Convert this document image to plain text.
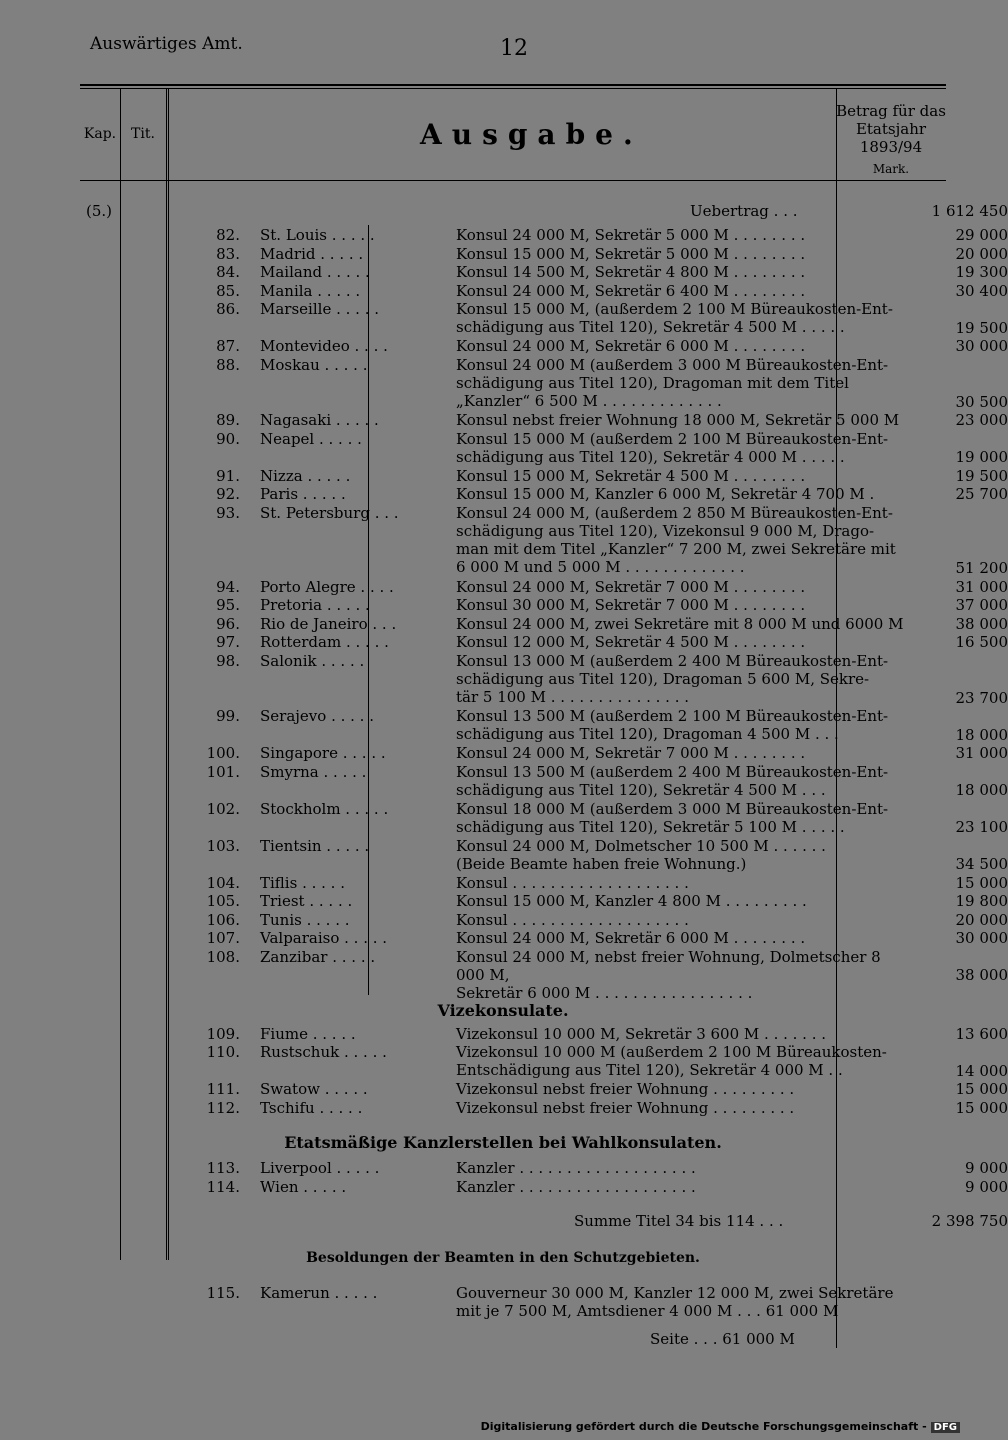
Auswärtiges Amt.	12
Kap.	Tit.	Ausgabe.
Betrag für das Etatsjahr 1893/94
Mark.
(5.)	Uebertrag . . .	1 612 450
82. St. Louis . . . . .	Konsul 24 000 M, Sekretär 5 000 M . . . . . . . .	29 000
83. Madrid . . . . .	Konsul 15 000 M, Sekretär 5 000 M . . . . . . . .	20 000
84. Mailand . . . . .	Konsul 14 500 M, Sekretär 4 800 M . . . . . . . .	19 300
85. Manila . . . . .	Konsul 24 000 M, Sekretär 6 400 M . . . . . . . .	30 400
86. Marseille . . . . .	Konsul 15 000 M, (außerdem 2 100 M Büreaukosten-Ent-
schädigung aus Titel 120), Sekretär 4 500 M . . . . .	19 500
87. Montevideo . . . .	Konsul 24 000 M, Sekretär 6 000 M . . . . . . . .	30 000
88. Moskau . . . . .	Konsul 24 000 M (außerdem 3 000 M Büreaukosten-Ent-
schädigung aus Titel 120), Dragoman mit dem Titel
„Kanzler“ 6 500 M . . . . . . . . . . . . .	30 500
89. Nagasaki . . . . .	Konsul nebst freier Wohnung 18 000 M, Sekretär 5 000 M	23 000
90. Neapel . . . . .	Konsul 15 000 M (außerdem 2 100 M Büreaukosten-Ent-
schädigung aus Titel 120), Sekretär 4 000 M . . . . .	19 000
91. Nizza . . . . .	Konsul 15 000 M, Sekretär 4 500 M . . . . . . . .	19 500
92. Paris . . . . .	Konsul 15 000 M, Kanzler 6 000 M, Sekretär 4 700 M .	25 700
93. St. Petersburg . . .	Konsul 24 000 M, (außerdem 2 850 M Büreaukosten-Ent-
schädigung aus Titel 120), Vizekonsul 9 000 M, Drago-
man mit dem Titel „Kanzler“ 7 200 M, zwei Sekretäre mit
6 000 M und 5 000 M . . . . . . . . . . . . .	51 200
94. Porto Alegre . . . .	Konsul 24 000 M, Sekretär 7 000 M . . . . . . . .	31 000
95. Pretoria . . . . .	Konsul 30 000 M, Sekretär 7 000 M . . . . . . . .	37 000
96. Rio de Janeiro . . .	Konsul 24 000 M, zwei Sekretäre mit 8 000 M und 6000 M	38 000
97. Rotterdam . . . . .	Konsul 12 000 M, Sekretär 4 500 M . . . . . . . .	16 500
98. Salonik . . . . .	Konsul 13 000 M (außerdem 2 400 M Büreaukosten-Ent-
schädigung aus Titel 120), Dragoman 5 600 M, Sekre-
tär 5 100 M . . . . . . . . . . . . . . .	23 700
99. Serajevo . . . . .	Konsul 13 500 M (außerdem 2 100 M Büreaukosten-Ent-
schädigung aus Titel 120), Dragoman 4 500 M . . .	18 000
100. Singapore . . . . .	Konsul 24 000 M, Sekretär 7 000 M . . . . . . . .	31 000
101. Smyrna . . . . .	Konsul 13 500 M (außerdem 2 400 M Büreaukosten-Ent-
schädigung aus Titel 120), Sekretär 4 500 M . . .	18 000
102. Stockholm . . . . .	Konsul 18 000 M (außerdem 3 000 M Büreaukosten-Ent-
schädigung aus Titel 120), Sekretär 5 100 M . . . . .	23 100
103. Tientsin . . . . .	Konsul 24 000 M, Dolmetscher 10 500 M . . . . . .
(Beide Beamte haben freie Wohnung.)	34 500
104. Tiflis . . . . .	Konsul . . . . . . . . . . . . . . . . . . .	15 000
105. Triest . . . . .	Konsul 15 000 M, Kanzler 4 800 M . . . . . . . . .	19 800
106. Tunis . . . . .	Konsul . . . . . . . . . . . . . . . . . . .	20 000
107. Valparaiso . . . . .	Konsul 24 000 M, Sekretär 6 000 M . . . . . . . .	30 000
108. Zanzibar . . . . .	Konsul 24 000 M, nebst freier Wohnung, Dolmetscher 8 000 M,
Sekretär 6 000 M . . . . . . . . . . . . . . . . .
38 000
Vizekonsulate.
109. Fiume . . . . .	Vizekonsul 10 000 M, Sekretär 3 600 M . . . . . . .	13 600
110. Rustschuk . . . . .	Vizekonsul 10 000 M (außerdem 2 100 M Büreaukosten-
Entschädigung aus Titel 120), Sekretär 4 000 M . .	14 000
111. Swatow . . . . .	Vizekonsul nebst freier Wohnung . . . . . . . . .	15 000
112. Tschifu . . . . .	Vizekonsul nebst freier Wohnung . . . . . . . . .	15 000
Etatsmäßige Kanzlerstellen bei Wahlkonsulaten.
113. Liverpool . . . . .	Kanzler . . . . . . . . . . . . . . . . . . .	9 000
114. Wien . . . . .	Kanzler . . . . . . . . . . . . . . . . . . .	9 000
Summe Titel 34 bis 114 . . .	2 398 750
Besoldungen der Beamten in den Schutzgebieten.
115. Kamerun . . . . .	Gouverneur 30 000 M, Kanzler 12 000 M, zwei Sekretäre
mit je 7 500 M, Amtsdiener 4 000 M . . . 61 000 M
Seite . . . 61 000 M
Digitalisierung gefördert durch die Deutsche Forschungsgemeinschaft - DFG
